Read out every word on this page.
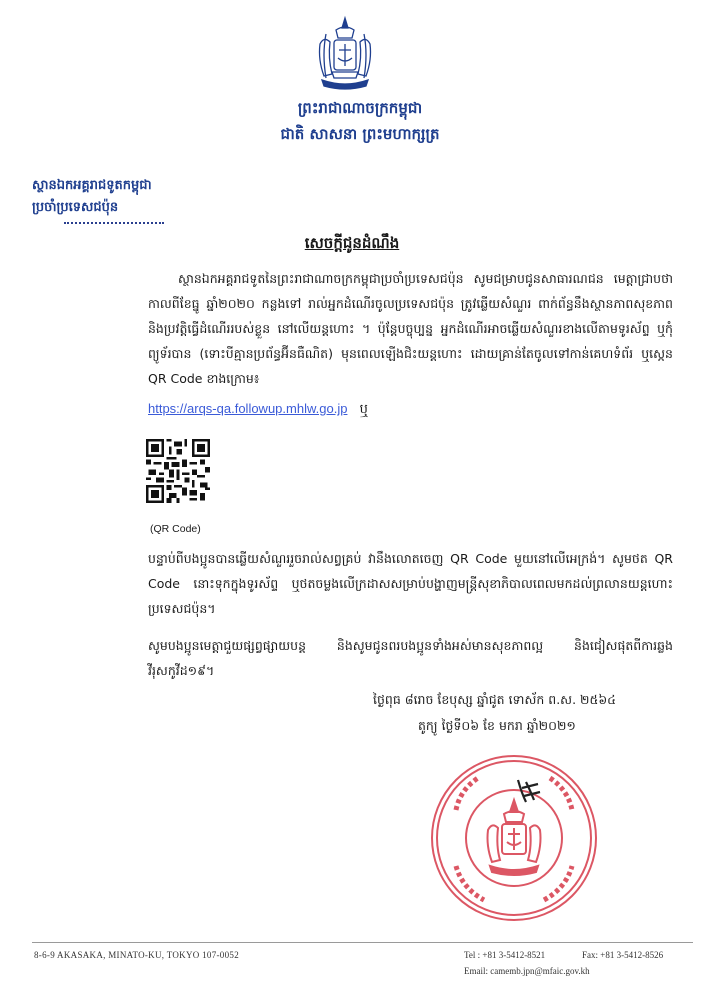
ព្រះរាជាណាចក្រកម្ពុជា
ជាតិ សាសនា ព្រះមហាក្សត្រ
ស្ថានឯកអគ្គរាជទូតកម្ពុជា
ប្រចាំប្រទេសជប៉ុន
សេចក្តីជូនដំណឹង
ស្ថានឯកអគ្គរាជទូតនៃព្រះរាជាណាចក្រកម្ពុជាប្រចាំប្រទេសជប៉ុន សូមជម្រាបជូនសាធារណជន មេត្តាជ្រាបថា កាលពីខែធ្នូ ឆ្នាំ២០២០ កន្លងទៅ រាល់អ្នកដំណើរចូលប្រទេសជប៉ុន ត្រូវឆ្លើយសំណួរ ពាក់ព័ន្ធនឹងស្ថានភាពសុខភាព និងប្រវត្តិធ្វើដំណើររបស់ខ្លួន នៅលើយន្តហោះ ។ ប៉ុន្តែបច្ចុប្បន្ន អ្នកដំណើរអាចឆ្លើយសំណួរខាងលើតាមទូរស័ព្ទ ឬកុំព្យូទ័របាន (ទោះបីគ្មានប្រព័ន្ធអ៊ីនធឺណិត) មុនពេលឡើងជិះយន្តហោះ ដោយគ្រាន់តែចូលទៅកាន់គេហទំព័រ ឬស្កេន QR Code ខាងក្រោម៖
https://arqs-qa.followup.mhlw.go.jp ឬ
(QR Code)
បន្ទាប់ពីបងប្អូនបានឆ្លើយសំណួររួចរាល់សព្វគ្រប់ វានឹងលោតចេញ QR Code មួយនៅលើអេក្រង់។ សូមថត QR Code នោះទុកក្នុងទូរស័ព្ទ ឬថតចម្លងលើក្រដាសសម្រាប់បង្ហាញមន្ត្រីសុខាភិបាលពេលមកដល់ព្រលានយន្តហោះប្រទេសជប៉ុន។
សូមបងប្អូនមេត្តាជួយផ្សព្វផ្សាយបន្ត និងសូមជូនពរបងប្អូនទាំងអស់មានសុខភាពល្អ និងជៀសផុតពីការឆ្លងវីរុសកូវីដ១៩។
ថ្ងៃពុធ ៨រោច ខែបុស្ស ឆ្នាំជូត ទោស័ក ព.ស. ២៥៦៤
តូក្យូ ថ្ងៃទី០៦ ខែ មករា ឆ្នាំ២០២១
8-6-9 AKASAKA, MINATO-KU, TOKYO 107-0052	Tel : +81 3-5412-8521	Fax: +81 3-5412-8526
Email: camemb.jpn@mfaic.gov.kh
